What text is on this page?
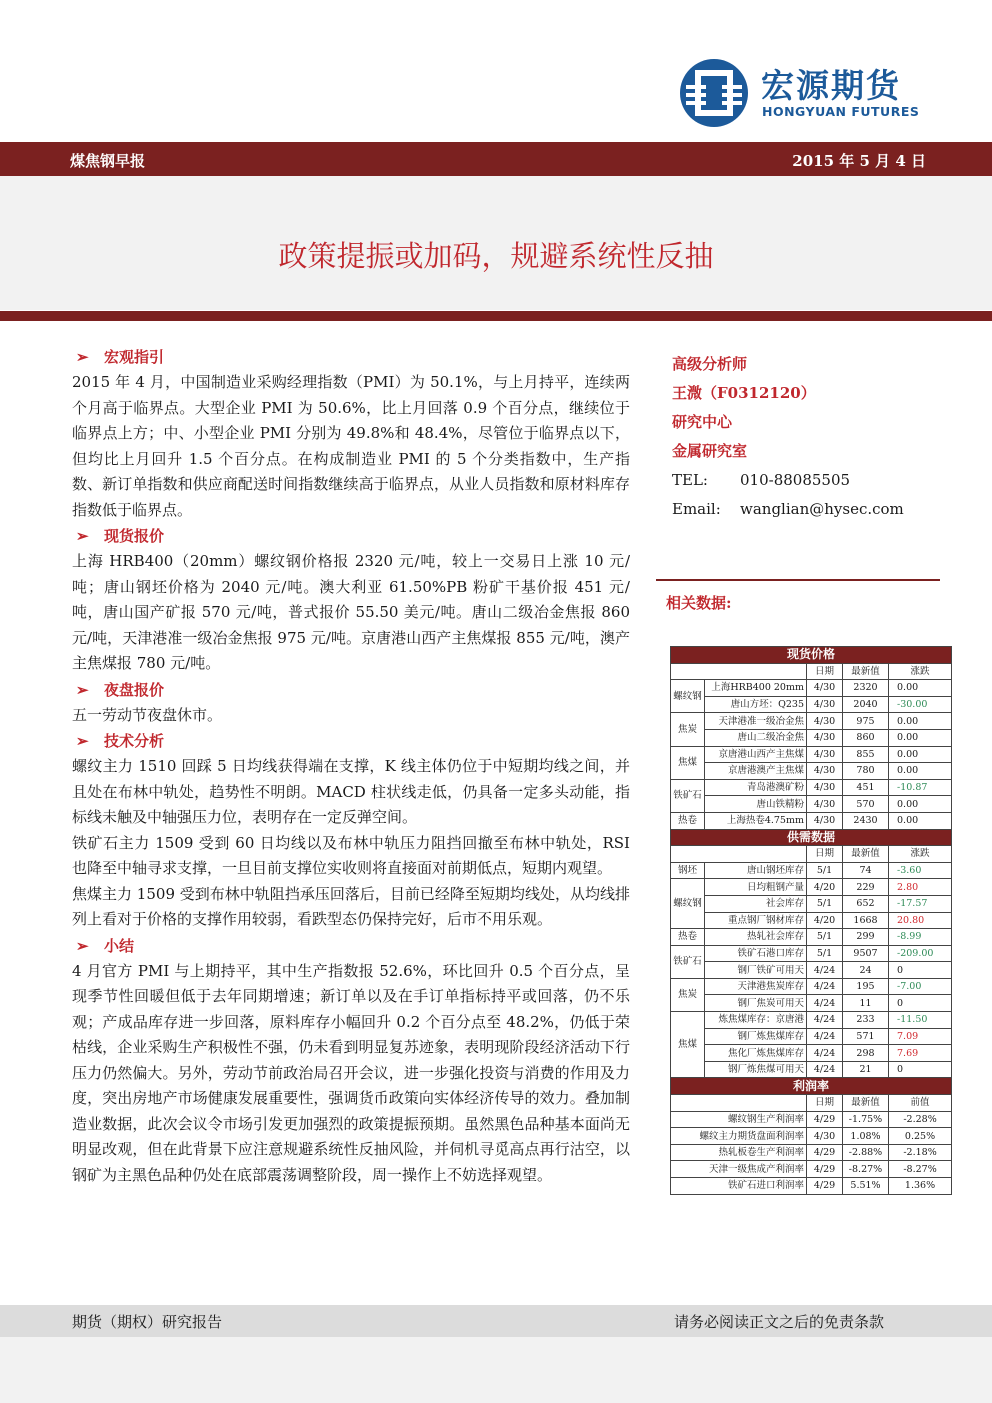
宏源期货
HONGYUAN FUTURES
煤焦钢早报	2015 年 5 月 4 日
政策提振或加码，规避系统性反抽
➢ 宏观指引

2015 年 4 月，中国制造业采购经理指数（PMI）为 50.1%，与上月持平，连续两个月高于临界点。大型企业 PMI 为 50.6%，比上月回落 0.9 个百分点，继续位于临界点上方；中、小型企业 PMI 分别为 49.8%和 48.4%，尽管位于临界点以下，但均比上月回升 1.5 个百分点。在构成制造业 PMI 的 5 个分类指数中，生产指数、新订单指数和供应商配送时间指数继续高于临界点，从业人员指数和原材料库存指数低于临界点。

➢ 现货报价

上海 HRB400（20mm）螺纹钢价格报 2320 元/吨，较上一交易日上涨 10 元/吨；唐山钢坯价格为 2040 元/吨。澳大利亚 61.50%PB 粉矿干基价报 451 元/吨，唐山国产矿报 570 元/吨，普式报价 55.50 美元/吨。唐山二级冶金焦报 860 元/吨，天津港准一级冶金焦报 975 元/吨。京唐港山西产主焦煤报 855 元/吨，澳产主焦煤报 780 元/吨。

➢ 夜盘报价

五一劳动节夜盘休市。

➢ 技术分析

螺纹主力 1510 回踩 5 日均线获得端在支撑，K 线主体仍位于中短期均线之间，并且处在布林中轨处，趋势性不明朗。MACD 柱状线走低，仍具备一定多头动能，指标线未触及中轴强压力位，表明存在一定反弹空间。

铁矿石主力 1509 受到 60 日均线以及布林中轨压力阻挡回撤至布林中轨处，RSI 也降至中轴寻求支撑，一旦目前支撑位实收则将直接面对前期低点，短期内观望。

焦煤主力 1509 受到布林中轨阻挡承压回落后，目前已经降至短期均线处，从均线排列上看对于价格的支撑作用较弱，看跌型态仍保持完好，后市不用乐观。

➢ 小结

4 月官方 PMI 与上期持平，其中生产指数报 52.6%，环比回升 0.5 个百分点，呈现季节性回暖但低于去年同期增速；新订单以及在手订单指标持平或回落，仍不乐观；产成品库存进一步回落，原料库存小幅回升 0.2 个百分点至 48.2%，仍低于荣枯线，企业采购生产积极性不强，仍未看到明显复苏迹象，表明现阶段经济活动下行压力仍然偏大。另外，劳动节前政治局召开会议，进一步强化投资与消费的作用及力度，突出房地产市场健康发展重要性，强调货币政策向实体经济传导的效力。叠加制造业数据，此次会议令市场引发更加强烈的政策提振预期。虽然黑色品种基本面尚无明显改观，但在此背景下应注意规避系统性反抽风险，并伺机寻觅高点再行沽空，以钢矿为主黑色品种仍处在底部震荡调整阶段，周一操作上不妨选择观望。

高级分析师
王溦（F0312120）
研究中心
金属研究室
TEL: 010-88085505
Email: wanglian@hysec.com
相关数据:
现货价格				
		日期	最新值	涨跌
螺纹钢	上海HRB400 20mm	4/30	2320	0.00
	唐山方坯：Q235	4/30	2040	-30.00
焦炭	天津港准一级冶金焦	4/30	975	0.00
	唐山二级冶金焦	4/30	860	0.00
焦煤	京唐港山西产主焦煤	4/30	855	0.00
	京唐港澳产主焦煤	4/30	780	0.00
铁矿石	青岛港澳矿粉	4/30	451	-10.87
	唐山铁精粉	4/30	570	0.00
热卷	上海热卷4.75mm	4/30	2430	0.00
供需数据				
		日期	最新值	涨跌
钢坯	唐山钢坯库存	5/1	74	-3.60
螺纹钢	日均粗钢产量	4/20	229	2.80
	社会库存	5/1	652	-17.57
	重点钢厂钢材库存	4/20	1668	20.80
热卷	热轧社会库存	5/1	299	-8.99
铁矿石	铁矿石港口库存	5/1	9507	-209.00
	钢厂铁矿可用天	4/24	24	0
焦炭	天津港焦炭库存	4/24	195	-7.00
	钢厂焦炭可用天	4/24	11	0
焦煤	炼焦煤库存：京唐港	4/24	233	-11.50
	钢厂炼焦煤库存	4/24	571	7.09
	焦化厂炼焦煤库存	4/24	298	7.69
	钢厂炼焦煤可用天	4/24	21	0
利润率				
		日期	最新值	前值
螺纹钢生产利润率		4/29	-1.75%	-2.28%
螺纹主力期货盘面利润率		4/30	1.08%	0.25%
热轧板卷生产利润率		4/29	-2.88%	-2.18%
天津一级焦成产利润率		4/29	-8.27%	-8.27%
铁矿石进口利润率		4/29	5.51%	1.36%
期货（期权）研究报告	请务必阅读正文之后的免责条款
